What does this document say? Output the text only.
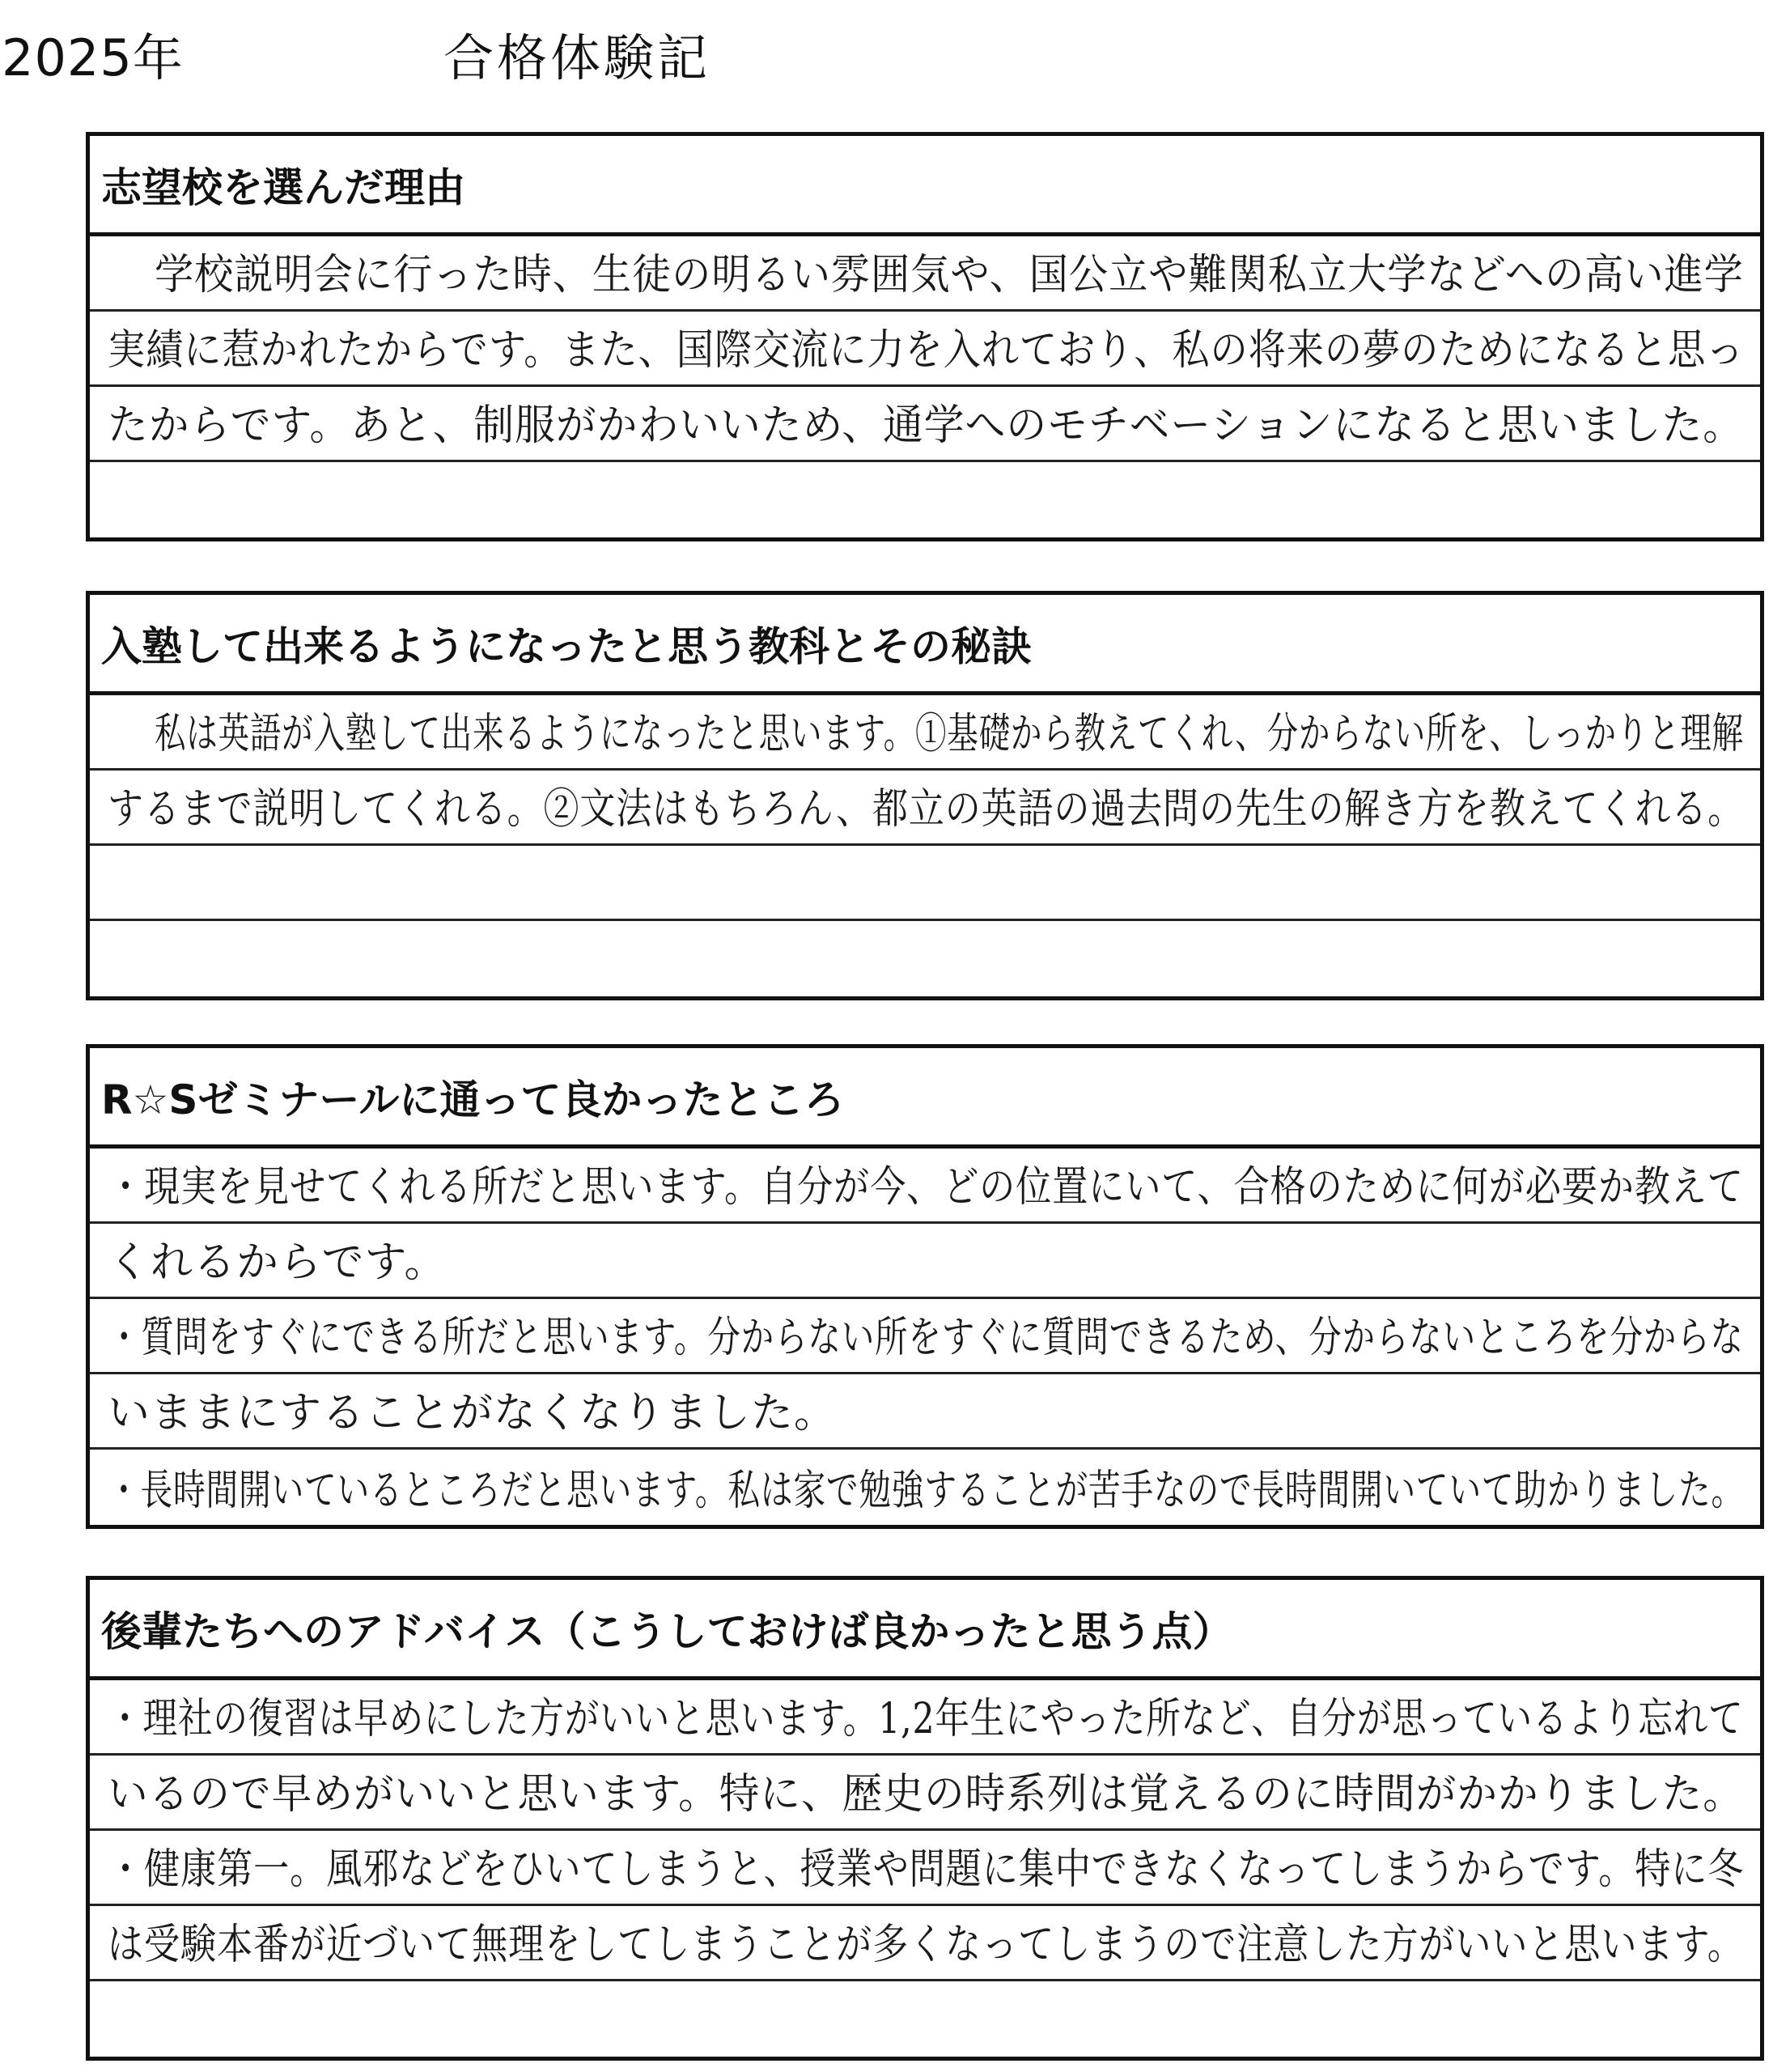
2025年	合格体験記
志望校を選んだ理由
学校説明会に行った時、生徒の明るい雰囲気や、国公立や難関私立大学などへの高い進学
実績に惹かれたからです。また、国際交流に力を入れており、私の将来の夢のためになると思っ
たからです。あと、制服がかわいいため、通学へのモチベーションになると思いました。
入塾して出来るようになったと思う教科とその秘訣
私は英語が入塾して出来るようになったと思います。①基礎から教えてくれ、分からない所を、しっかりと理解
するまで説明してくれる。②文法はもちろん、都立の英語の過去問の先生の解き方を教えてくれる。
R☆Sゼミナールに通って良かったところ
・現実を見せてくれる所だと思います。自分が今、どの位置にいて、合格のために何が必要か教えて
くれるからです。
・質問をすぐにできる所だと思います。分からない所をすぐに質問できるため、分からないところを分からな
いままにすることがなくなりました。
・長時間開いているところだと思います。私は家で勉強することが苦手なので長時間開いていて助かりました。
後輩たちへのアドバイス（こうしておけば良かったと思う点）
・理社の復習は早めにした方がいいと思います。1,2年生にやった所など、自分が思っているより忘れて
いるので早めがいいと思います。特に、歴史の時系列は覚えるのに時間がかかりました。
・健康第一。風邪などをひいてしまうと、授業や問題に集中できなくなってしまうからです。特に冬
は受験本番が近づいて無理をしてしまうことが多くなってしまうので注意した方がいいと思います。
